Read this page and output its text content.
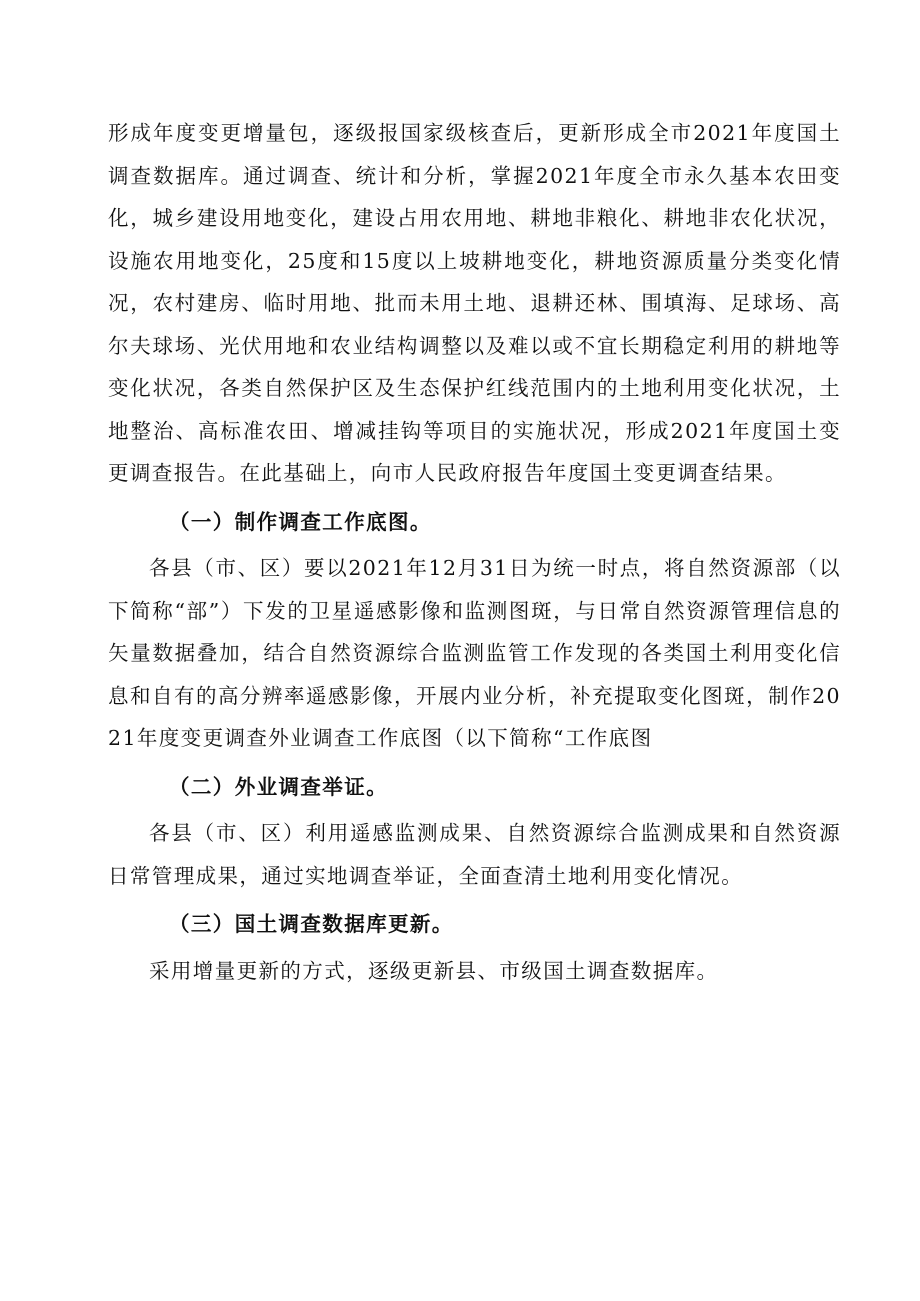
形成年度变更增量包，逐级报国家级核查后，更新形成全市2021年度国土调查数据库。通过调查、统计和分析，掌握2021年度全市永久基本农田变化，城乡建设用地变化，建设占用农用地、耕地非粮化、耕地非农化状况，设施农用地变化，25度和15度以上坡耕地变化，耕地资源质量分类变化情况，农村建房、临时用地、批而未用土地、退耕还林、围填海、足球场、高尔夫球场、光伏用地和农业结构调整以及难以或不宜长期稳定利用的耕地等变化状况，各类自然保护区及生态保护红线范围内的土地利用变化状况，土地整治、高标准农田、增减挂钩等项目的实施状况，形成2021年度国土变更调查报告。在此基础上，向市人民政府报告年度国土变更调查结果。

（一）制作调查工作底图。

各县（市、区）要以2021年12月31日为统一时点，将自然资源部（以下简称“部”）下发的卫星遥感影像和监测图斑，与日常自然资源管理信息的矢量数据叠加，结合自然资源综合监测监管工作发现的各类国土利用变化信息和自有的高分辨率遥感影像，开展内业分析，补充提取变化图斑，制作2021年度变更调查外业调查工作底图（以下简称“工作底图

（二）外业调查举证。

各县（市、区）利用遥感监测成果、自然资源综合监测成果和自然资源日常管理成果，通过实地调查举证，全面查清土地利用变化情况。

（三）国土调查数据库更新。

采用增量更新的方式，逐级更新县、市级国土调查数据库。
